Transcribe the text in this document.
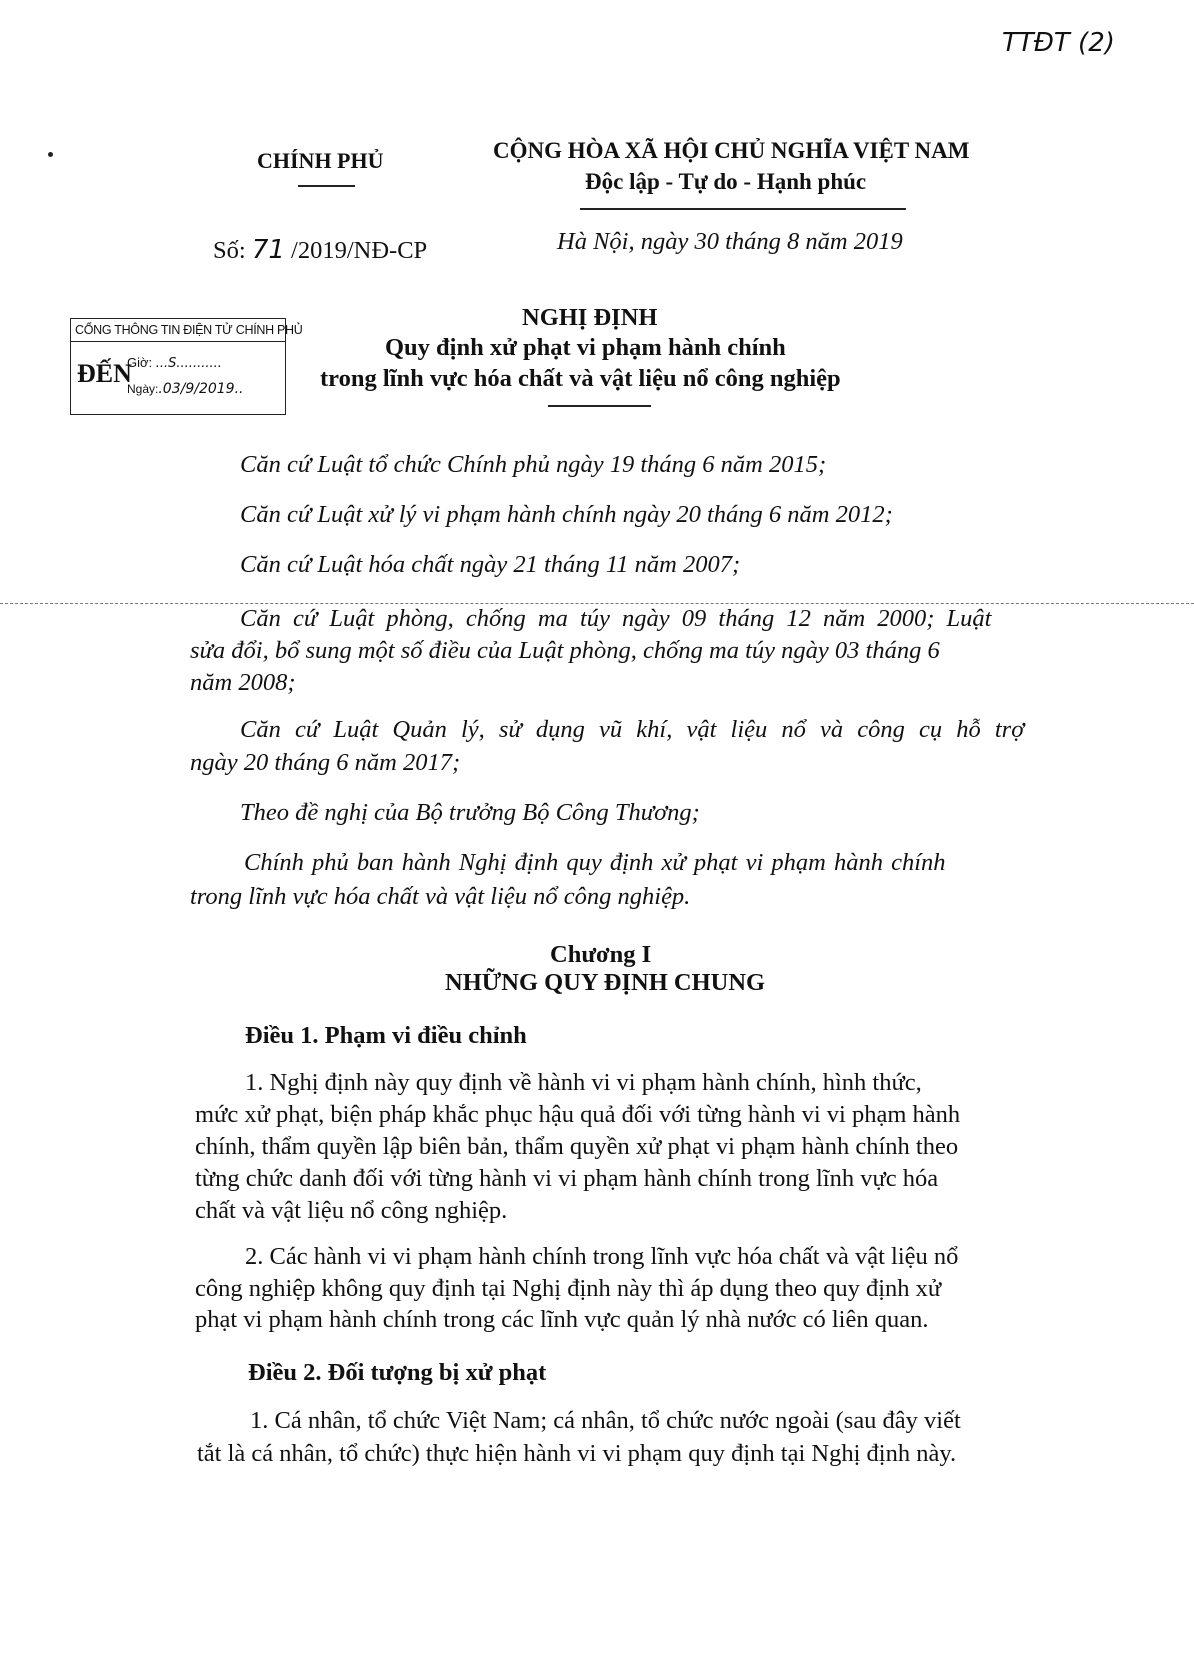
TTĐT (2)
CHÍNH PHỦ	CỘNG HÒA XÃ HỘI CHỦ NGHĨA VIỆT NAM
Độc lập - Tự do - Hạnh phúc
Số: 71 /2019/NĐ-CP	Hà Nội, ngày 30 tháng 8 năm 2019
CỔNG THÔNG TIN ĐIỆN TỬ CHÍNH PHỦ
ĐẾN
Giờ: ...S...........
Ngày:.03/9/2019..
NGHỊ ĐỊNH
Quy định xử phạt vi phạm hành chính
trong lĩnh vực hóa chất và vật liệu nổ công nghiệp
Căn cứ Luật tổ chức Chính phủ ngày 19 tháng 6 năm 2015;
Căn cứ Luật xử lý vi phạm hành chính ngày 20 tháng 6 năm 2012;
Căn cứ Luật hóa chất ngày 21 tháng 11 năm 2007;
Căn cứ Luật phòng, chống ma túy ngày 09 tháng 12 năm 2000; Luật
sửa đổi, bổ sung một số điều của Luật phòng, chống ma túy ngày 03 tháng 6
năm 2008;
Căn cứ Luật Quản lý, sử dụng vũ khí, vật liệu nổ và công cụ hỗ trợ
ngày 20 tháng 6 năm 2017;
Theo đề nghị của Bộ trưởng Bộ Công Thương;
Chính phủ ban hành Nghị định quy định xử phạt vi phạm hành chính
trong lĩnh vực hóa chất và vật liệu nổ công nghiệp.
Chương I
NHỮNG QUY ĐỊNH CHUNG
Điều 1. Phạm vi điều chỉnh
1. Nghị định này quy định về hành vi vi phạm hành chính, hình thức,
mức xử phạt, biện pháp khắc phục hậu quả đối với từng hành vi vi phạm hành
chính, thẩm quyền lập biên bản, thẩm quyền xử phạt vi phạm hành chính theo
từng chức danh đối với từng hành vi vi phạm hành chính trong lĩnh vực hóa
chất và vật liệu nổ công nghiệp.
2. Các hành vi vi phạm hành chính trong lĩnh vực hóa chất và vật liệu nổ
công nghiệp không quy định tại Nghị định này thì áp dụng theo quy định xử
phạt vi phạm hành chính trong các lĩnh vực quản lý nhà nước có liên quan.
Điều 2. Đối tượng bị xử phạt
1. Cá nhân, tổ chức Việt Nam; cá nhân, tổ chức nước ngoài (sau đây viết
tắt là cá nhân, tổ chức) thực hiện hành vi vi phạm quy định tại Nghị định này.
